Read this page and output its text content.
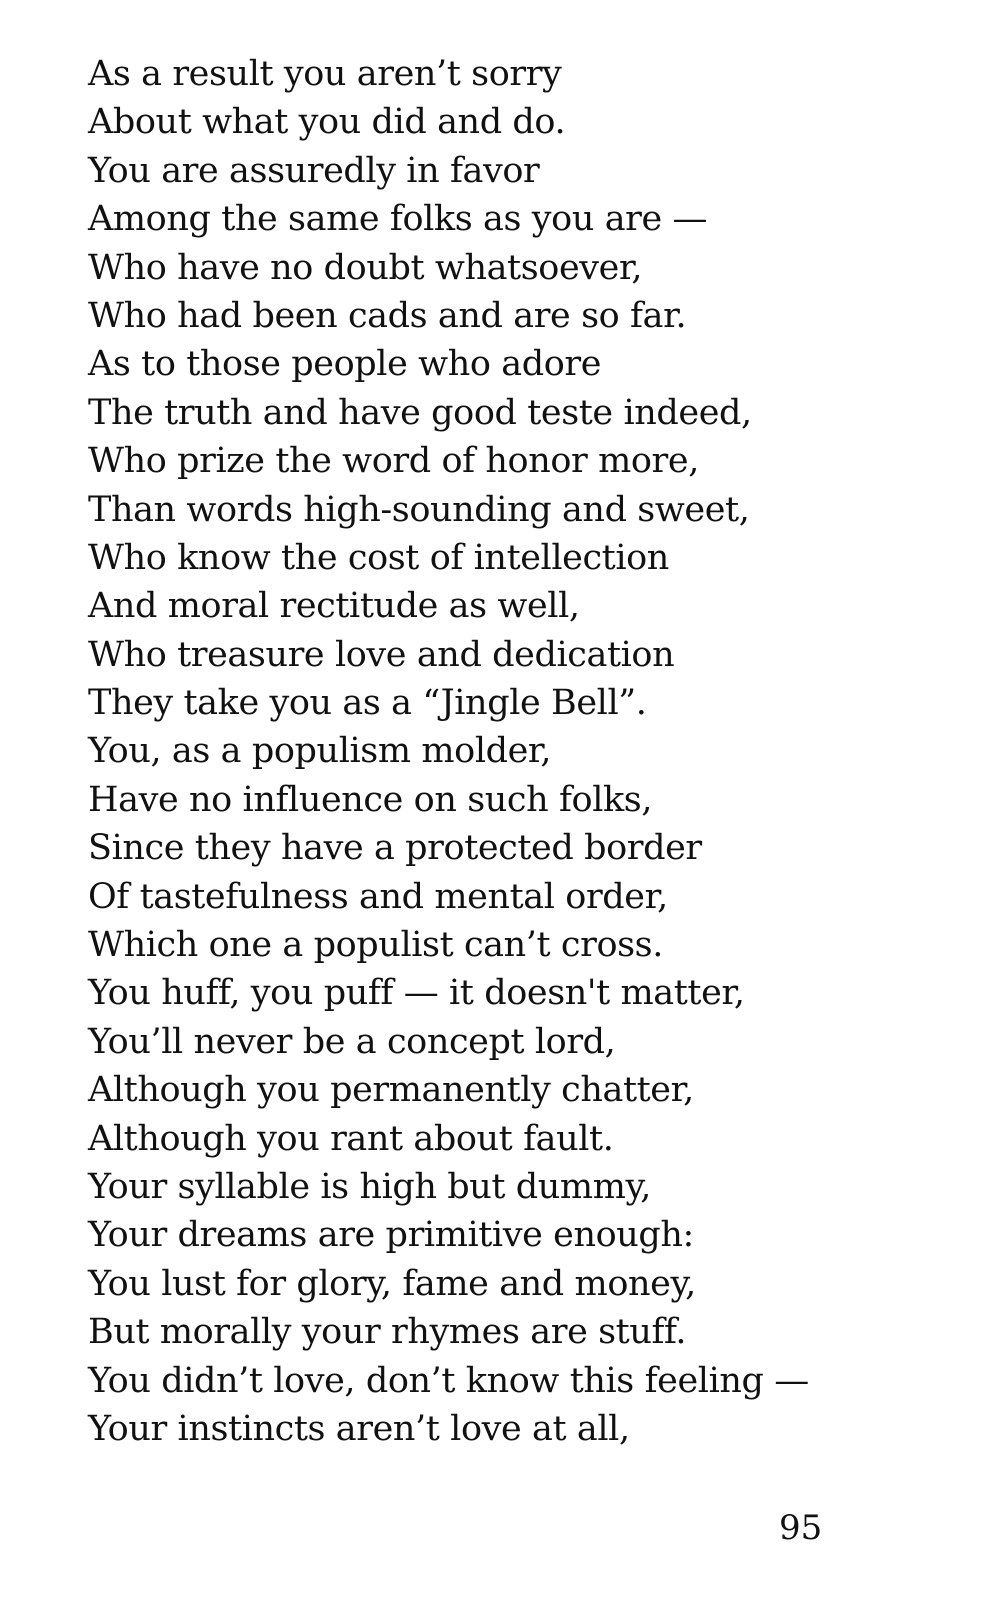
As a result you aren’t sorry
About what you did and do.
You are assuredly in favor
Among the same folks as you are —
Who have no doubt whatsoever,
Who had been cads and are so far.
As to those people who adore
The truth and have good teste indeed,
Who prize the word of honor more,
Than words high-sounding and sweet,
Who know the cost of intellection
And moral rectitude as well,
Who treasure love and dedication
They take you as a “Jingle Bell”.
You, as a populism molder,
Have no influence on such folks,
Since they have a protected border
Of tastefulness and mental order,
Which one a populist can’t cross.
You huff, you puff — it doesn't matter,
You’ll never be a concept lord,
Although you permanently chatter,
Although you rant about fault.
Your syllable is high but dummy,
Your dreams are primitive enough:
You lust for glory, fame and money,
But morally your rhymes are stuff.
You didn’t love, don’t know this feeling —
Your instincts aren’t love at all,
95
